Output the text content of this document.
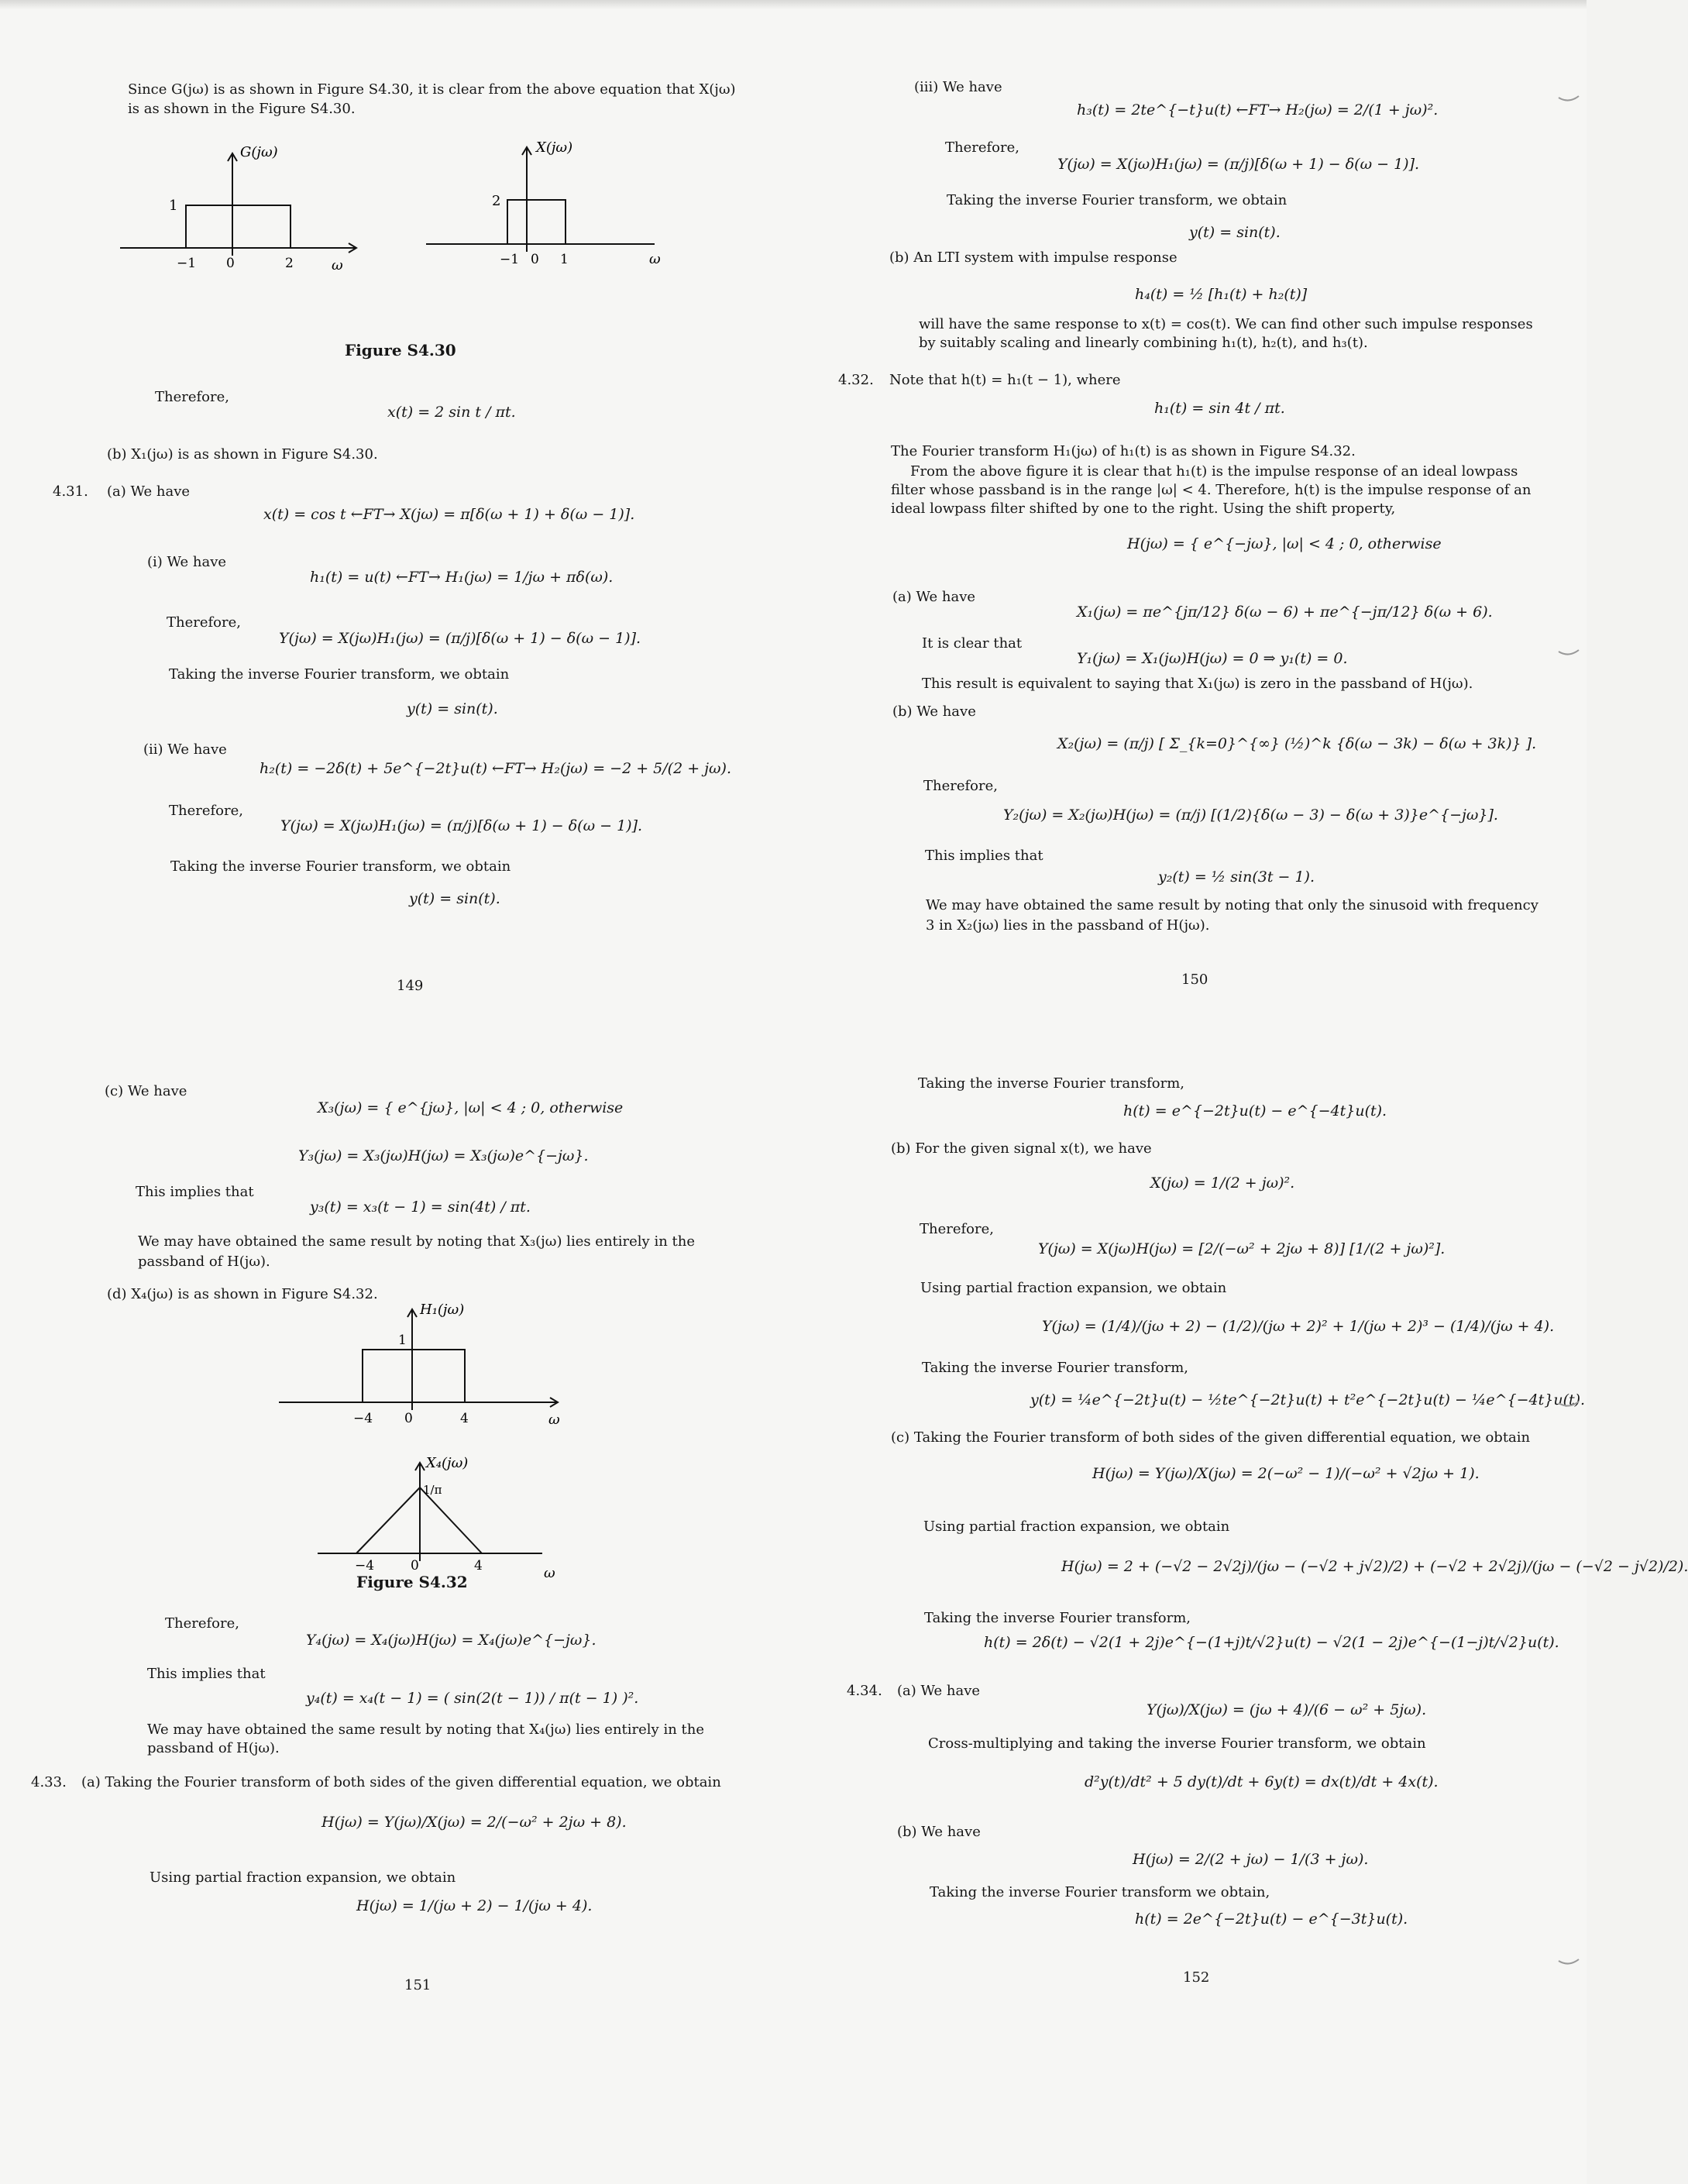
Since G(jω) is as shown in Figure S4.30, it is clear from the above equation that X(jω)
is as shown in the Figure S4.30.
G(jω)
1
−1 0	2	ω
X(jω)
2
−1 0 1	ω
Figure S4.30
Therefore,
x(t) = 2 sin t / πt.
(b) X₁(jω) is as shown in Figure S4.30.
4.31. (a) We have
x(t) = cos t ←FT→ X(jω) = π[δ(ω + 1) + δ(ω − 1)].
(i) We have
h₁(t) = u(t) ←FT→ H₁(jω) = 1/jω + πδ(ω).
Therefore,
Y(jω) = X(jω)H₁(jω) = (π/j)[δ(ω + 1) − δ(ω − 1)].
Taking the inverse Fourier transform, we obtain
y(t) = sin(t).
(ii) We have
h₂(t) = −2δ(t) + 5e^{−2t}u(t) ←FT→ H₂(jω) = −2 + 5/(2 + jω).
Therefore,
Y(jω) = X(jω)H₁(jω) = (π/j)[δ(ω + 1) − δ(ω − 1)].
Taking the inverse Fourier transform, we obtain
y(t) = sin(t).
149
(iii) We have
h₃(t) = 2te^{−t}u(t) ←FT→ H₂(jω) = 2/(1 + jω)².
Therefore,
Y(jω) = X(jω)H₁(jω) = (π/j)[δ(ω + 1) − δ(ω − 1)].
Taking the inverse Fourier transform, we obtain
y(t) = sin(t).
(b) An LTI system with impulse response
h₄(t) = ½ [h₁(t) + h₂(t)]
will have the same response to x(t) = cos(t). We can find other such impulse responses
by suitably scaling and linearly combining h₁(t), h₂(t), and h₃(t).
4.32. Note that h(t) = h₁(t − 1), where
h₁(t) = sin 4t / πt.
The Fourier transform H₁(jω) of h₁(t) is as shown in Figure S4.32.
From the above figure it is clear that h₁(t) is the impulse response of an ideal lowpass
filter whose passband is in the range |ω| < 4. Therefore, h(t) is the impulse response of an
ideal lowpass filter shifted by one to the right. Using the shift property,
H(jω) = { e^{−jω}, |ω| < 4 ; 0, otherwise
(a) We have
X₁(jω) = πe^{jπ/12} δ(ω − 6) + πe^{−jπ/12} δ(ω + 6).
It is clear that
Y₁(jω) = X₁(jω)H(jω) = 0 ⇒ y₁(t) = 0.
This result is equivalent to saying that X₁(jω) is zero in the passband of H(jω).
(b) We have
X₂(jω) = (π/j) [ Σ_{k=0}^{∞} (½)^k {δ(ω − 3k) − δ(ω + 3k)} ].
Therefore,
Y₂(jω) = X₂(jω)H(jω) = (π/j) [(1/2){δ(ω − 3) − δ(ω + 3)}e^{−jω}].
This implies that
y₂(t) = ½ sin(3t − 1).
We may have obtained the same result by noting that only the sinusoid with frequency
3 in X₂(jω) lies in the passband of H(jω).
150
(c) We have
X₃(jω) = { e^{jω}, |ω| < 4 ; 0, otherwise
Y₃(jω) = X₃(jω)H(jω) = X₃(jω)e^{−jω}.
This implies that
y₃(t) = x₃(t − 1) = sin(4t) / πt.
We may have obtained the same result by noting that X₃(jω) lies entirely in the
passband of H(jω).
(d) X₄(jω) is as shown in Figure S4.32.
H₁(jω)
1
−4 0	4	ω
X₄(jω)
1/π
−4	0	4	ω
Figure S4.32
Therefore,
Y₄(jω) = X₄(jω)H(jω) = X₄(jω)e^{−jω}.
This implies that
y₄(t) = x₄(t − 1) = ( sin(2(t − 1)) / π(t − 1) )².
We may have obtained the same result by noting that X₄(jω) lies entirely in the
passband of H(jω).
4.33. (a) Taking the Fourier transform of both sides of the given differential equation, we obtain
H(jω) = Y(jω)/X(jω) = 2/(−ω² + 2jω + 8).
Using partial fraction expansion, we obtain
H(jω) = 1/(jω + 2) − 1/(jω + 4).
151
Taking the inverse Fourier transform,
h(t) = e^{−2t}u(t) − e^{−4t}u(t).
(b) For the given signal x(t), we have
X(jω) = 1/(2 + jω)².
Therefore,
Y(jω) = X(jω)H(jω) = [2/(−ω² + 2jω + 8)] [1/(2 + jω)²].
Using partial fraction expansion, we obtain
Y(jω) = (1/4)/(jω + 2) − (1/2)/(jω + 2)² + 1/(jω + 2)³ − (1/4)/(jω + 4).
Taking the inverse Fourier transform,
y(t) = ¼e^{−2t}u(t) − ½te^{−2t}u(t) + t²e^{−2t}u(t) − ¼e^{−4t}u(t).
(c) Taking the Fourier transform of both sides of the given differential equation, we obtain
H(jω) = Y(jω)/X(jω) = 2(−ω² − 1)/(−ω² + √2jω + 1).
Using partial fraction expansion, we obtain
H(jω) = 2 + (−√2 − 2√2j)/(jω − (−√2 + j√2)/2) + (−√2 + 2√2j)/(jω − (−√2 − j√2)/2).
Taking the inverse Fourier transform,
h(t) = 2δ(t) − √2(1 + 2j)e^{−(1+j)t/√2}u(t) − √2(1 − 2j)e^{−(1−j)t/√2}u(t).
4.34. (a) We have
Y(jω)/X(jω) = (jω + 4)/(6 − ω² + 5jω).
Cross-multiplying and taking the inverse Fourier transform, we obtain
d²y(t)/dt² + 5 dy(t)/dt + 6y(t) = dx(t)/dt + 4x(t).
(b) We have
H(jω) = 2/(2 + jω) − 1/(3 + jω).
Taking the inverse Fourier transform we obtain,
h(t) = 2e^{−2t}u(t) − e^{−3t}u(t).
152
